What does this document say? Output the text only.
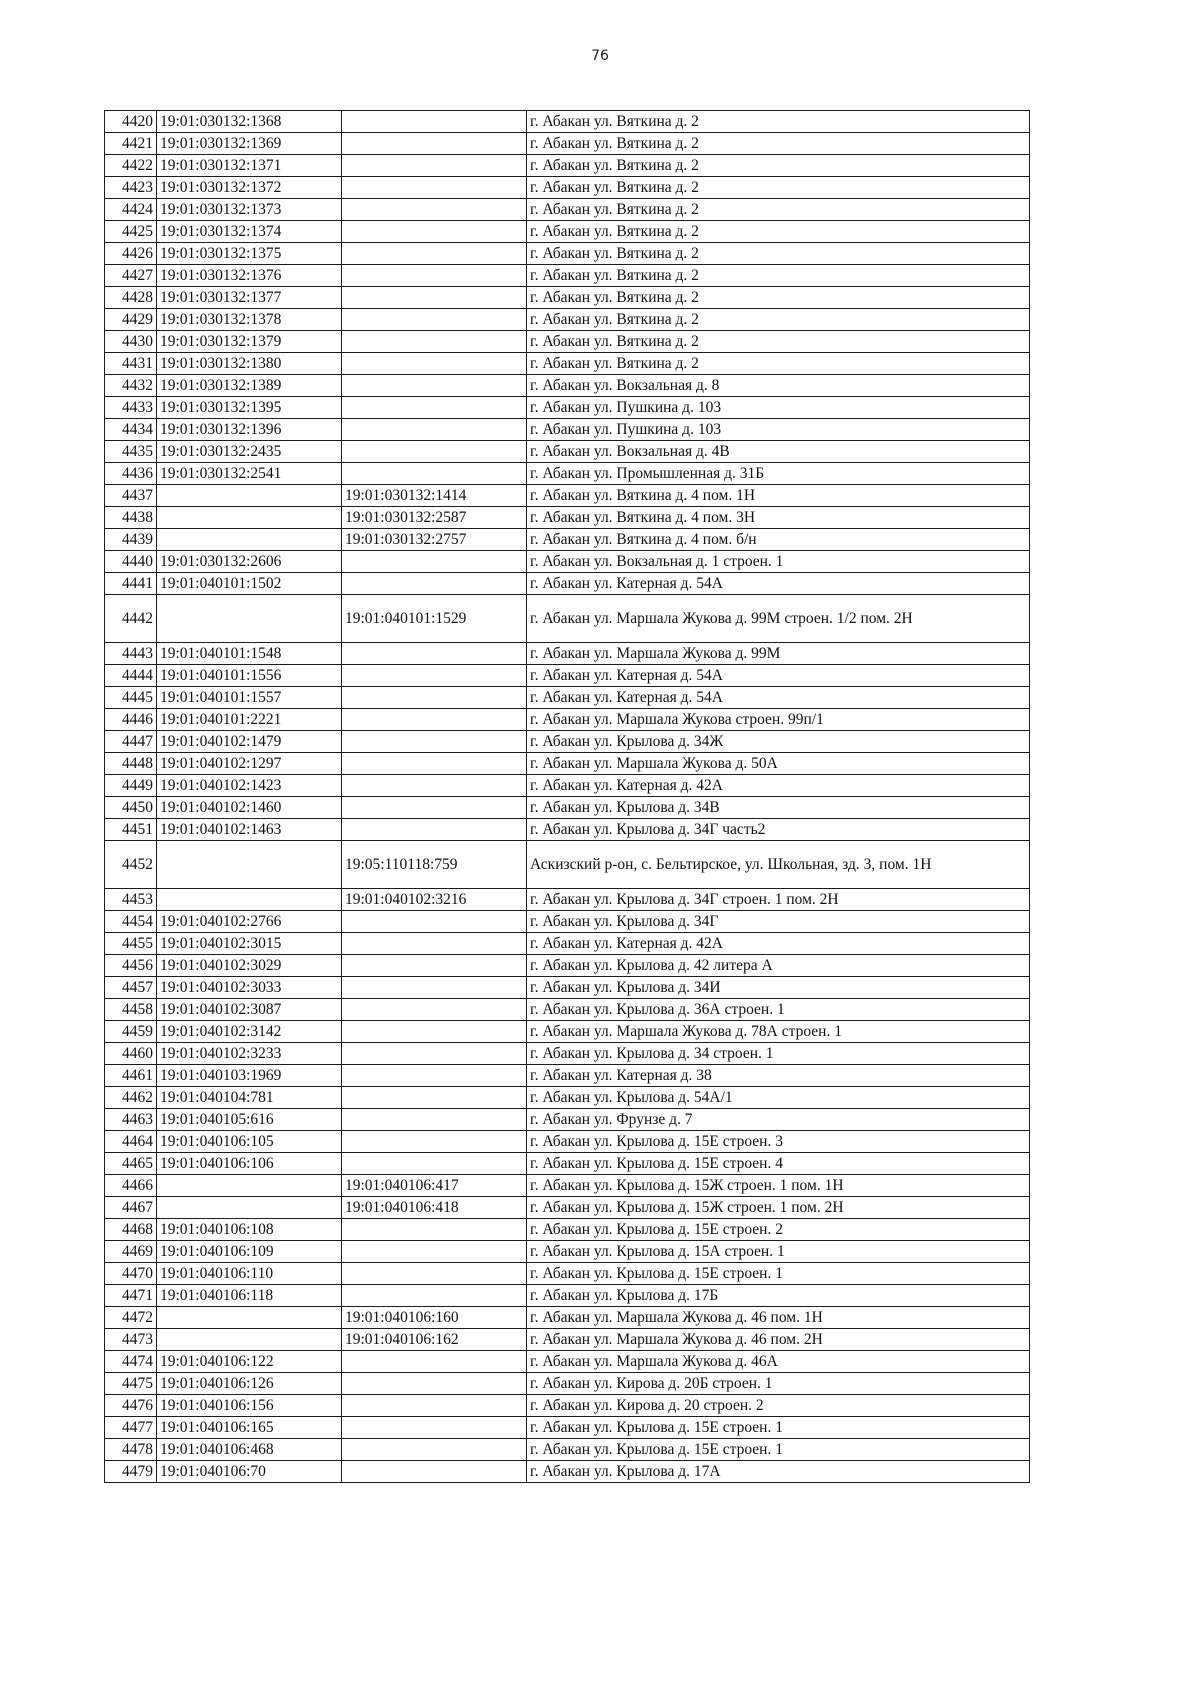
76
4420	19:01:030132:1368		г. Абакан ул. Вяткина д. 2
4421	19:01:030132:1369		г. Абакан ул. Вяткина д. 2
4422	19:01:030132:1371		г. Абакан ул. Вяткина д. 2
4423	19:01:030132:1372		г. Абакан ул. Вяткина д. 2
4424	19:01:030132:1373		г. Абакан ул. Вяткина д. 2
4425	19:01:030132:1374		г. Абакан ул. Вяткина д. 2
4426	19:01:030132:1375		г. Абакан ул. Вяткина д. 2
4427	19:01:030132:1376		г. Абакан ул. Вяткина д. 2
4428	19:01:030132:1377		г. Абакан ул. Вяткина д. 2
4429	19:01:030132:1378		г. Абакан ул. Вяткина д. 2
4430	19:01:030132:1379		г. Абакан ул. Вяткина д. 2
4431	19:01:030132:1380		г. Абакан ул. Вяткина д. 2
4432	19:01:030132:1389		г. Абакан ул. Вокзальная д. 8
4433	19:01:030132:1395		г. Абакан ул. Пушкина д. 103
4434	19:01:030132:1396		г. Абакан ул. Пушкина д. 103
4435	19:01:030132:2435		г. Абакан ул. Вокзальная д. 4В
4436	19:01:030132:2541		г. Абакан ул. Промышленная д. 31Б
4437		19:01:030132:1414	г. Абакан ул. Вяткина д. 4 пом. 1Н
4438		19:01:030132:2587	г. Абакан ул. Вяткина д. 4 пом. 3Н
4439		19:01:030132:2757	г. Абакан ул. Вяткина д. 4 пом. б/н
4440	19:01:030132:2606		г. Абакан ул. Вокзальная д. 1 строен. 1
4441	19:01:040101:1502		г. Абакан ул. Катерная д. 54А
4442		19:01:040101:1529	г. Абакан ул. Маршала Жукова д. 99М строен. 1/2 пом. 2Н
4443	19:01:040101:1548		г. Абакан ул. Маршала Жукова д. 99М
4444	19:01:040101:1556		г. Абакан ул. Катерная д. 54А
4445	19:01:040101:1557		г. Абакан ул. Катерная д. 54А
4446	19:01:040101:2221		г. Абакан ул. Маршала Жукова строен. 99п/1
4447	19:01:040102:1479		г. Абакан ул. Крылова д. 34Ж
4448	19:01:040102:1297		г. Абакан ул. Маршала Жукова д. 50А
4449	19:01:040102:1423		г. Абакан ул. Катерная д. 42А
4450	19:01:040102:1460		г. Абакан ул. Крылова д. 34В
4451	19:01:040102:1463		г. Абакан ул. Крылова д. 34Г часть2
4452		19:05:110118:759	Аскизский р-он, с. Бельтирское, ул. Школьная, зд. 3, пом. 1Н
4453		19:01:040102:3216	г. Абакан ул. Крылова д. 34Г строен. 1 пом. 2Н
4454	19:01:040102:2766		г. Абакан ул. Крылова д. 34Г
4455	19:01:040102:3015		г. Абакан ул. Катерная д. 42А
4456	19:01:040102:3029		г. Абакан ул. Крылова д. 42 литера А
4457	19:01:040102:3033		г. Абакан ул. Крылова д. 34И
4458	19:01:040102:3087		г. Абакан ул. Крылова д. 36А строен. 1
4459	19:01:040102:3142		г. Абакан ул. Маршала Жукова д. 78А строен. 1
4460	19:01:040102:3233		г. Абакан ул. Крылова д. 34 строен. 1
4461	19:01:040103:1969		г. Абакан ул. Катерная д. 38
4462	19:01:040104:781		г. Абакан ул. Крылова д. 54А/1
4463	19:01:040105:616		г. Абакан ул. Фрунзе д. 7
4464	19:01:040106:105		г. Абакан ул. Крылова д. 15Е строен. 3
4465	19:01:040106:106		г. Абакан ул. Крылова д. 15Е строен. 4
4466		19:01:040106:417	г. Абакан ул. Крылова д. 15Ж строен. 1 пом. 1Н
4467		19:01:040106:418	г. Абакан ул. Крылова д. 15Ж строен. 1 пом. 2Н
4468	19:01:040106:108		г. Абакан ул. Крылова д. 15Е строен. 2
4469	19:01:040106:109		г. Абакан ул. Крылова д. 15А строен. 1
4470	19:01:040106:110		г. Абакан ул. Крылова д. 15Е строен. 1
4471	19:01:040106:118		г. Абакан ул. Крылова д. 17Б
4472		19:01:040106:160	г. Абакан ул. Маршала Жукова д. 46 пом. 1Н
4473		19:01:040106:162	г. Абакан ул. Маршала Жукова д. 46 пом. 2Н
4474	19:01:040106:122		г. Абакан ул. Маршала Жукова д. 46А
4475	19:01:040106:126		г. Абакан ул. Кирова д. 20Б строен. 1
4476	19:01:040106:156		г. Абакан ул. Кирова д. 20 строен. 2
4477	19:01:040106:165		г. Абакан ул. Крылова д. 15Е строен. 1
4478	19:01:040106:468		г. Абакан ул. Крылова д. 15Е строен. 1
4479	19:01:040106:70		г. Абакан ул. Крылова д. 17А
